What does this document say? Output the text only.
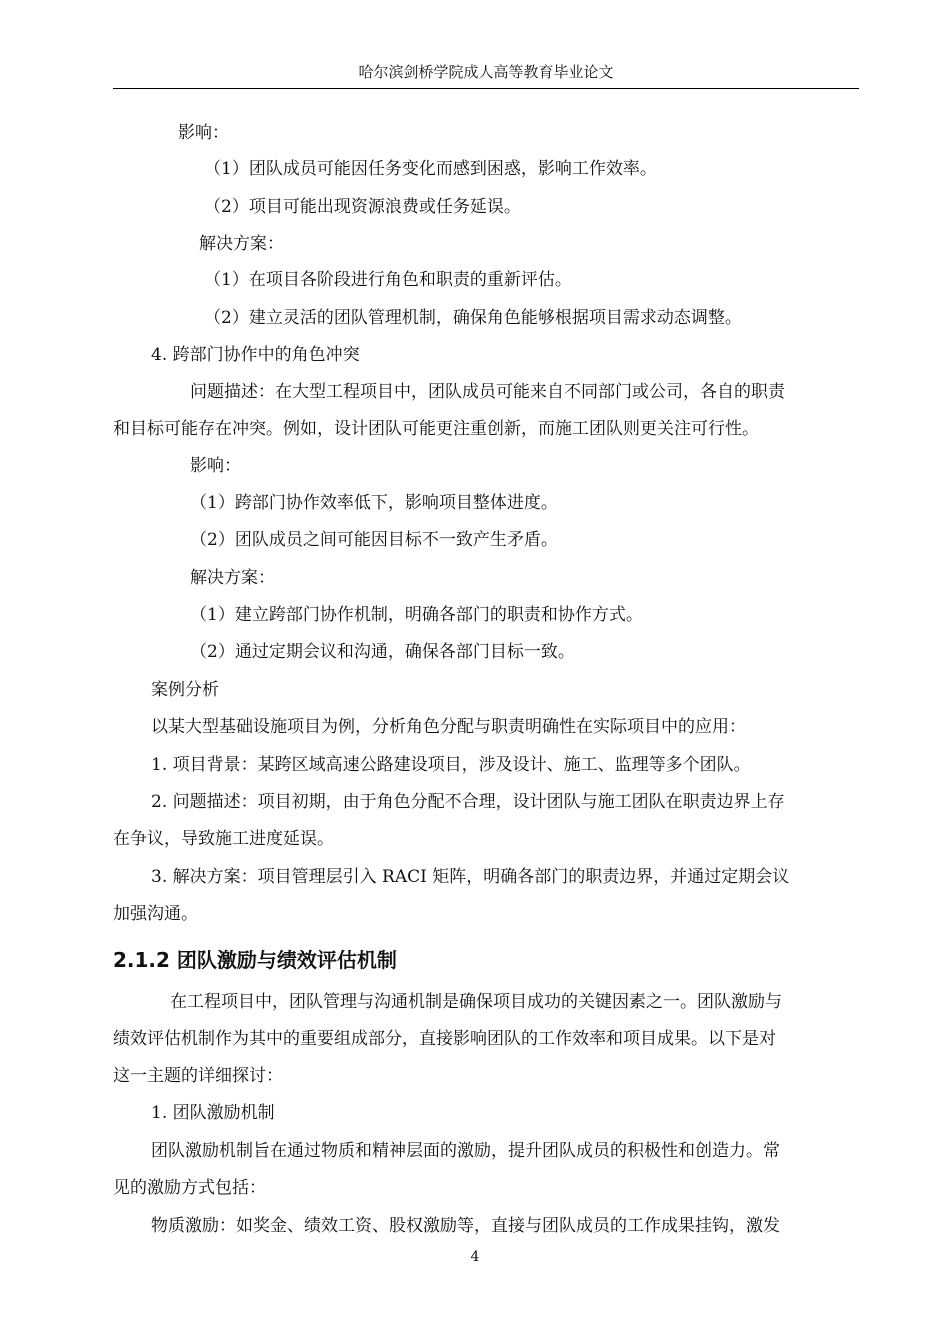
哈尔滨剑桥学院成人高等教育毕业论文
影响：
（1）团队成员可能因任务变化而感到困惑，影响工作效率。
（2）项目可能出现资源浪费或任务延误。
解决方案：
（1）在项目各阶段进行角色和职责的重新评估。
（2）建立灵活的团队管理机制，确保角色能够根据项目需求动态调整。
4. 跨部门协作中的角色冲突
问题描述：在大型工程项目中，团队成员可能来自不同部门或公司，各自的职责
和目标可能存在冲突。例如，设计团队可能更注重创新，而施工团队则更关注可行性。
影响：
（1）跨部门协作效率低下，影响项目整体进度。
（2）团队成员之间可能因目标不一致产生矛盾。
解决方案：
（1）建立跨部门协作机制，明确各部门的职责和协作方式。
（2）通过定期会议和沟通，确保各部门目标一致。
案例分析
以某大型基础设施项目为例，分析角色分配与职责明确性在实际项目中的应用：
1. 项目背景：某跨区域高速公路建设项目，涉及设计、施工、监理等多个团队。
2. 问题描述：项目初期，由于角色分配不合理，设计团队与施工团队在职责边界上存
在争议，导致施工进度延误。
3. 解决方案：项目管理层引入 RACI 矩阵，明确各部门的职责边界，并通过定期会议
加强沟通。
2.1.2 团队激励与绩效评估机制
在工程项目中，团队管理与沟通机制是确保项目成功的关键因素之一。团队激励与
绩效评估机制作为其中的重要组成部分，直接影响团队的工作效率和项目成果。以下是对
这一主题的详细探讨：
1. 团队激励机制
团队激励机制旨在通过物质和精神层面的激励，提升团队成员的积极性和创造力。常
见的激励方式包括：
物质激励：如奖金、绩效工资、股权激励等，直接与团队成员的工作成果挂钩，激发
4
